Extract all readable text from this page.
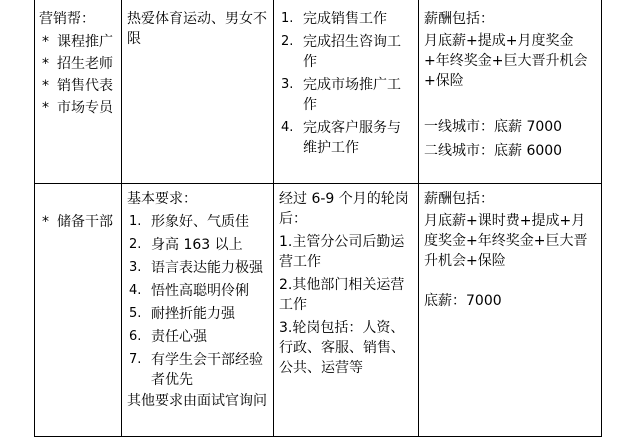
营销帮：
* 课程推广
* 招生老师
* 销售代表
* 市场专员
热爱体育运动、男女不限
1. 完成销售工作
2. 完成招生咨询工作
3. 完成市场推广工作
4. 完成客户服务与维护工作
薪酬包括：
月底薪+提成+月度奖金+年终奖金+巨大晋升机会+保险
一线城市：底薪 7000
二线城市：底薪 6000
* 储备干部
基本要求：
1. 形象好、气质佳
2. 身高 163 以上
3. 语言表达能力极强
4. 悟性高聪明伶俐
5. 耐挫折能力强
6. 责任心强
7. 有学生会干部经验者优先
其他要求由面试官询问
经过 6-9 个月的轮岗后：
1.主管分公司后勤运营工作
2.其他部门相关运营工作
3.轮岗包括：人资、行政、客服、销售、公共、运营等
薪酬包括：
月底薪+课时费+提成+月度奖金+年终奖金+巨大晋升机会+保险
底薪：7000
